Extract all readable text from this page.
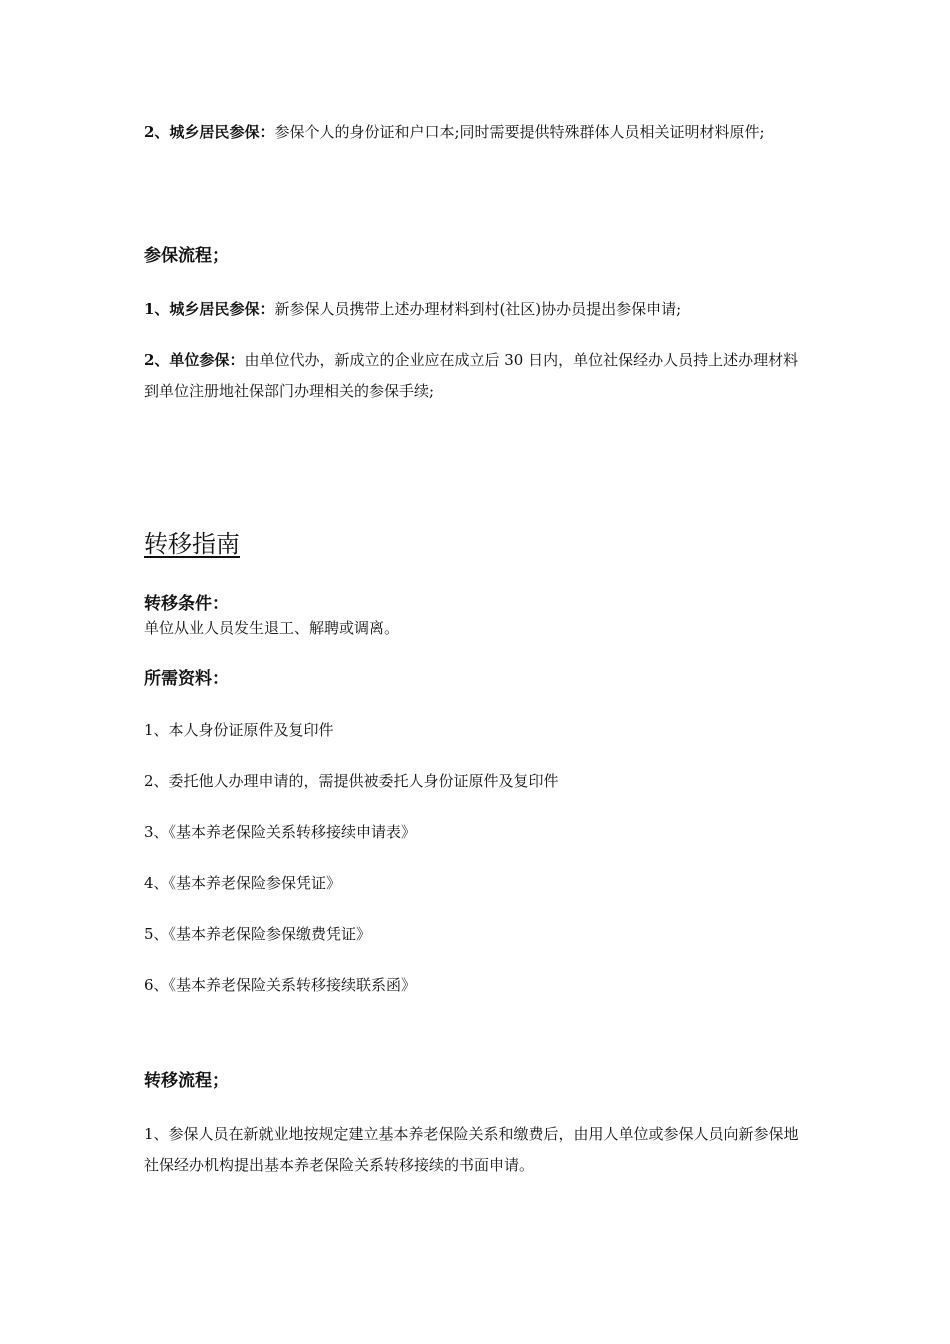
2、城乡居民参保：参保个人的身份证和户口本;同时需要提供特殊群体人员相关证明材料原件;

参保流程；

1、城乡居民参保：新参保人员携带上述办理材料到村(社区)协办员提出参保申请;

2、单位参保：由单位代办，新成立的企业应在成立后 30 日内，单位社保经办人员持上述办理材料到单位注册地社保部门办理相关的参保手续;

转移指南
转移条件：

单位从业人员发生退工、解聘或调离。

所需资料：

1、本人身份证原件及复印件

2、委托他人办理申请的，需提供被委托人身份证原件及复印件

3、《基本养老保险关系转移接续申请表》

4、《基本养老保险参保凭证》

5、《基本养老保险参保缴费凭证》

6、《基本养老保险关系转移接续联系函》

转移流程；

1、参保人员在新就业地按规定建立基本养老保险关系和缴费后，由用人单位或参保人员向新参保地社保经办机构提出基本养老保险关系转移接续的书面申请。
